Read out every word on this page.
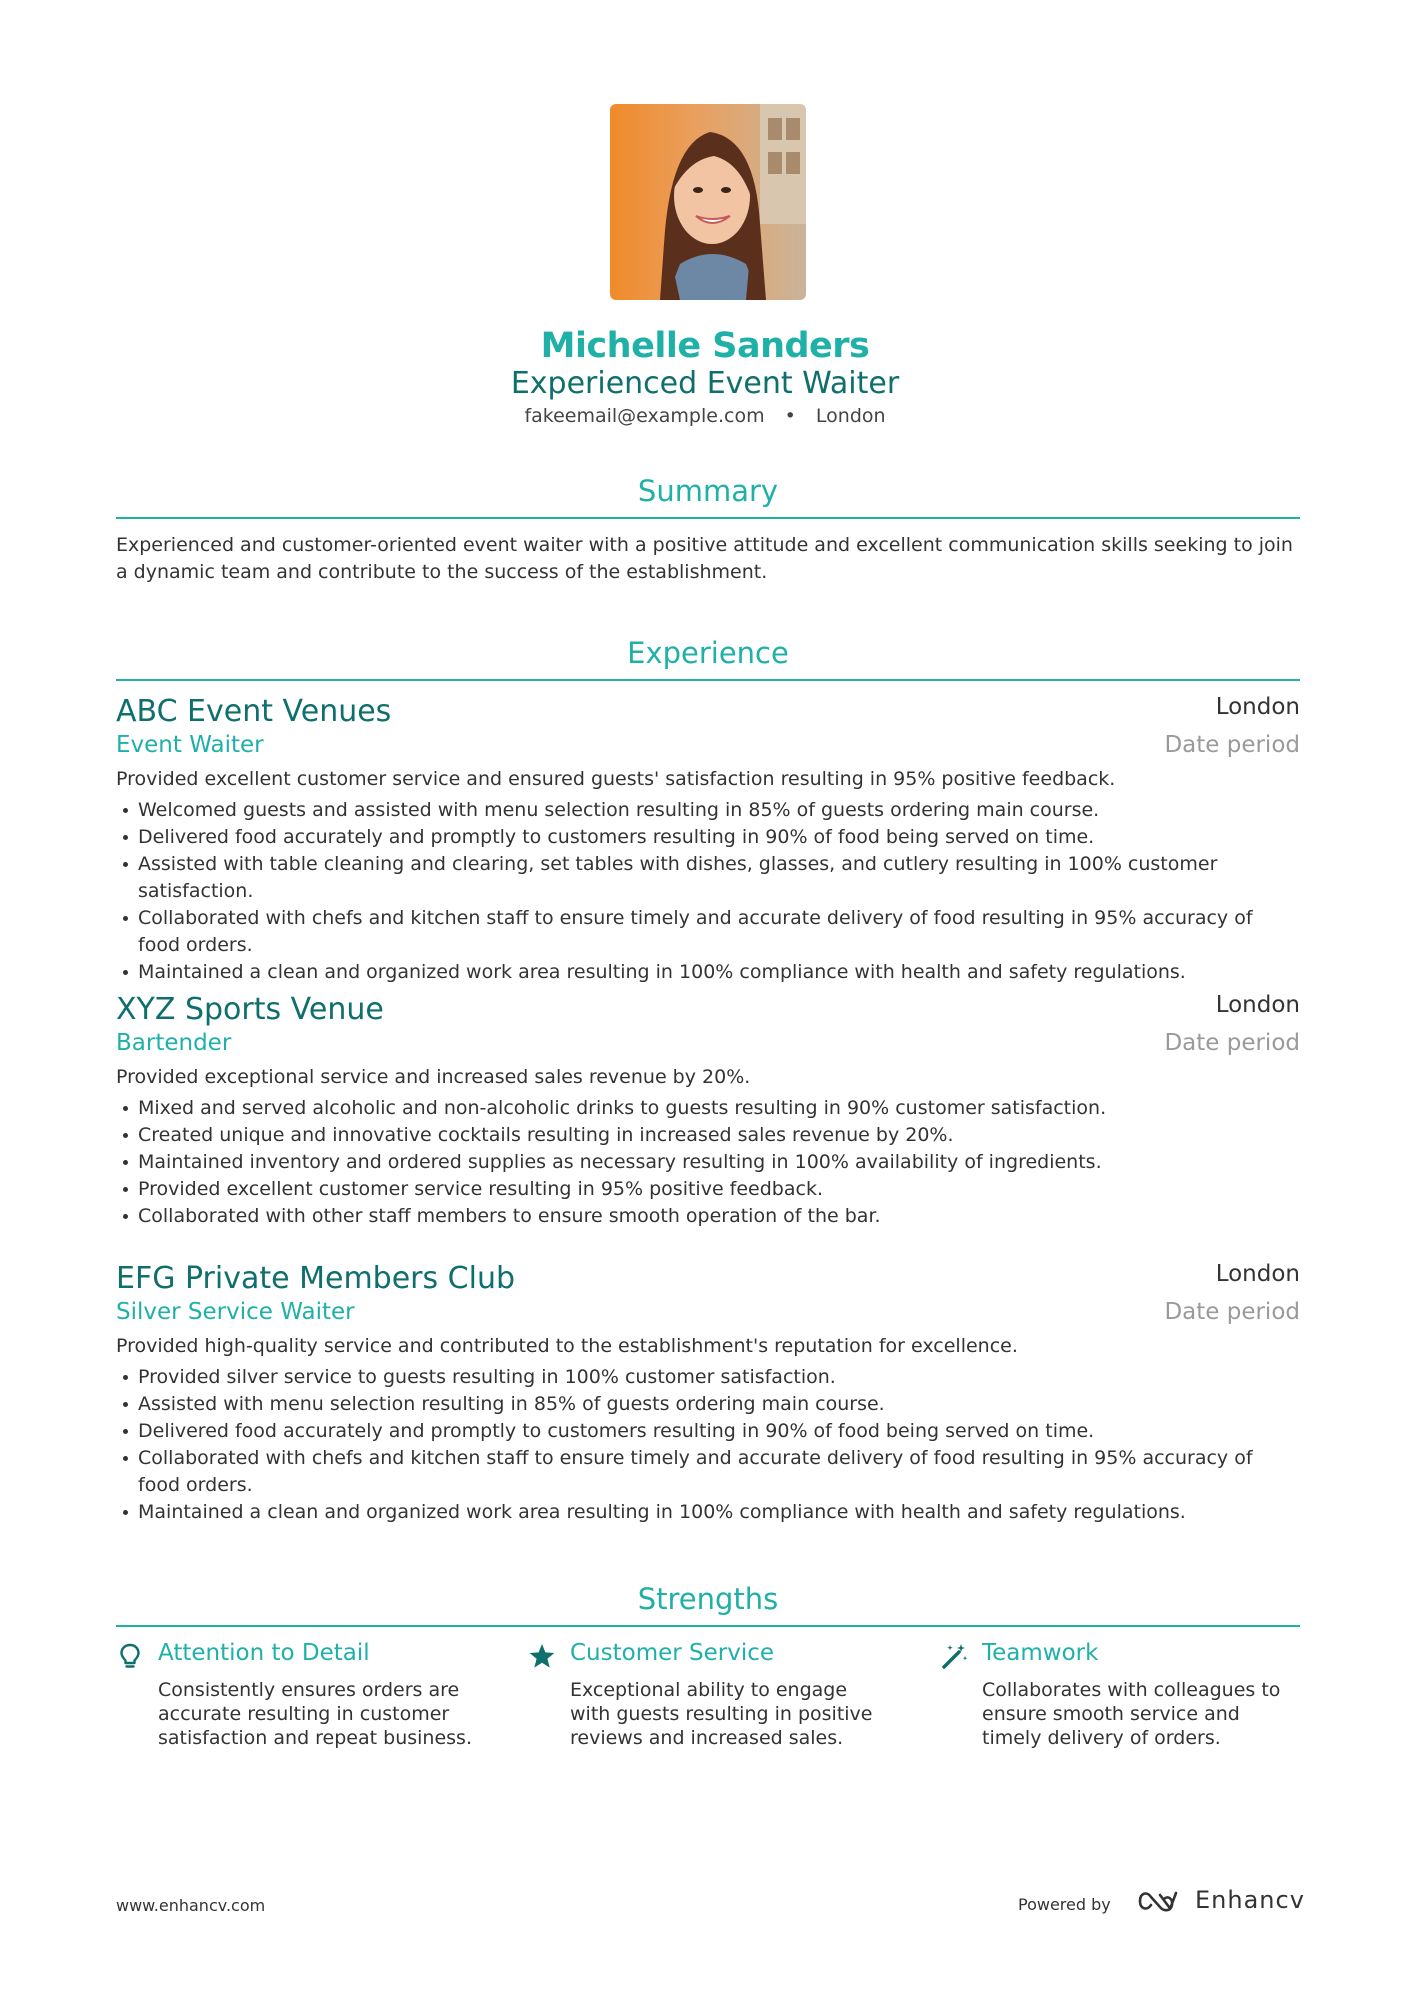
Michelle Sanders
Experienced Event Waiter
fakeemail@example.com • London
Summary
Experienced and customer-oriented event waiter with a positive attitude and excellent communication skills seeking to join a dynamic team and contribute to the success of the establishment.
Experience
ABC Event Venues	London
Event Waiter	Date period
Provided excellent customer service and ensured guests' satisfaction resulting in 95% positive feedback.
Welcomed guests and assisted with menu selection resulting in 85% of guests ordering main course.
Delivered food accurately and promptly to customers resulting in 90% of food being served on time.
Assisted with table cleaning and clearing, set tables with dishes, glasses, and cutlery resulting in 100% customer satisfaction.
Collaborated with chefs and kitchen staff to ensure timely and accurate delivery of food resulting in 95% accuracy of food orders.
Maintained a clean and organized work area resulting in 100% compliance with health and safety regulations.
XYZ Sports Venue	London
Bartender	Date period
Provided exceptional service and increased sales revenue by 20%.
Mixed and served alcoholic and non-alcoholic drinks to guests resulting in 90% customer satisfaction.
Created unique and innovative cocktails resulting in increased sales revenue by 20%.
Maintained inventory and ordered supplies as necessary resulting in 100% availability of ingredients.
Provided excellent customer service resulting in 95% positive feedback.
Collaborated with other staff members to ensure smooth operation of the bar.
EFG Private Members Club	London
Silver Service Waiter	Date period
Provided high-quality service and contributed to the establishment's reputation for excellence.
Provided silver service to guests resulting in 100% customer satisfaction.
Assisted with menu selection resulting in 85% of guests ordering main course.
Delivered food accurately and promptly to customers resulting in 90% of food being served on time.
Collaborated with chefs and kitchen staff to ensure timely and accurate delivery of food resulting in 95% accuracy of food orders.
Maintained a clean and organized work area resulting in 100% compliance with health and safety regulations.
Strengths
Attention to Detail
Consistently ensures orders are accurate resulting in customer satisfaction and repeat business.
Customer Service
Exceptional ability to engage with guests resulting in positive reviews and increased sales.
Teamwork
Collaborates with colleagues to ensure smooth service and timely delivery of orders.
www.enhancv.com	Powered by	Enhancv
